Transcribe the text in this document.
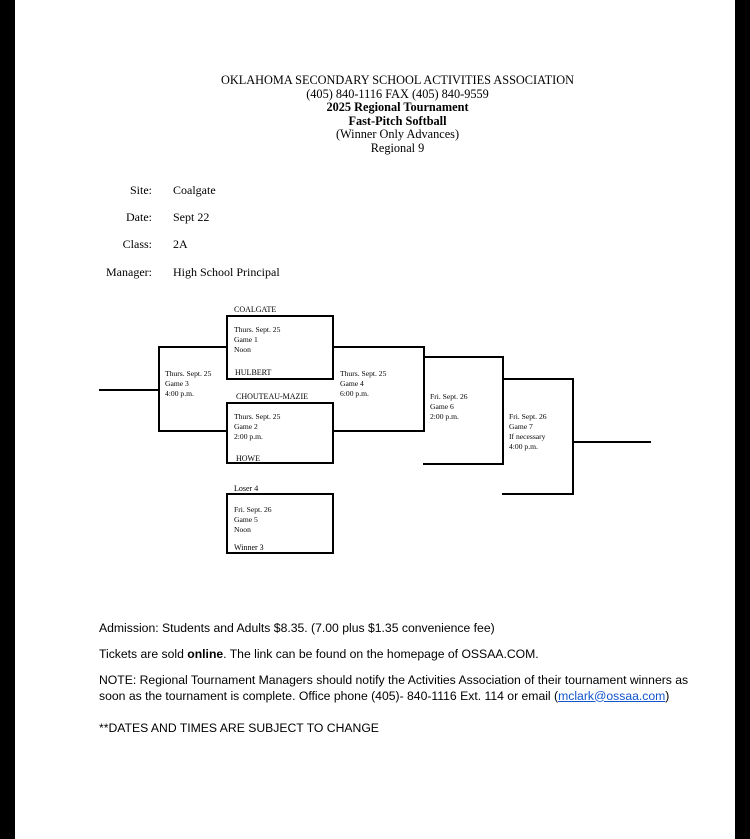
OKLAHOMA SECONDARY SCHOOL ACTIVITIES ASSOCIATION
(405) 840-1116 FAX (405) 840-9559
2025 Regional Tournament
Fast-Pitch Softball
(Winner Only Advances)
Regional 9
Site: Coalgate
Date: Sept 22
Class: 2A
Manager: High School Principal
COALGATE
HULBERT
CHOUTEAU-MAZIE
HOWE
Loser 4
Winner 3
Thurs. Sept. 25
Game 1
Noon
Thurs. Sept. 25
Game 2
2:00 p.m.
Thurs. Sept. 25
Game 3
4:00 p.m.
Thurs. Sept. 25
Game 4
6:00 p.m.
Fri. Sept. 26
Game 5
Noon
Fri. Sept. 26
Game 6
2:00 p.m.	Fri. Sept. 26
Game 7
If necessary
4:00 p.m.
Admission: Students and Adults $8.35. (7.00 plus $1.35 convenience fee)
Tickets are sold online. The link can be found on the homepage of OSSAA.COM.
NOTE: Regional Tournament Managers should notify the Activities Association of their tournament winners as soon as the tournament is complete. Office phone (405)- 840-1116 Ext. 114 or email (mclark@ossaa.com)
**DATES AND TIMES ARE SUBJECT TO CHANGE
